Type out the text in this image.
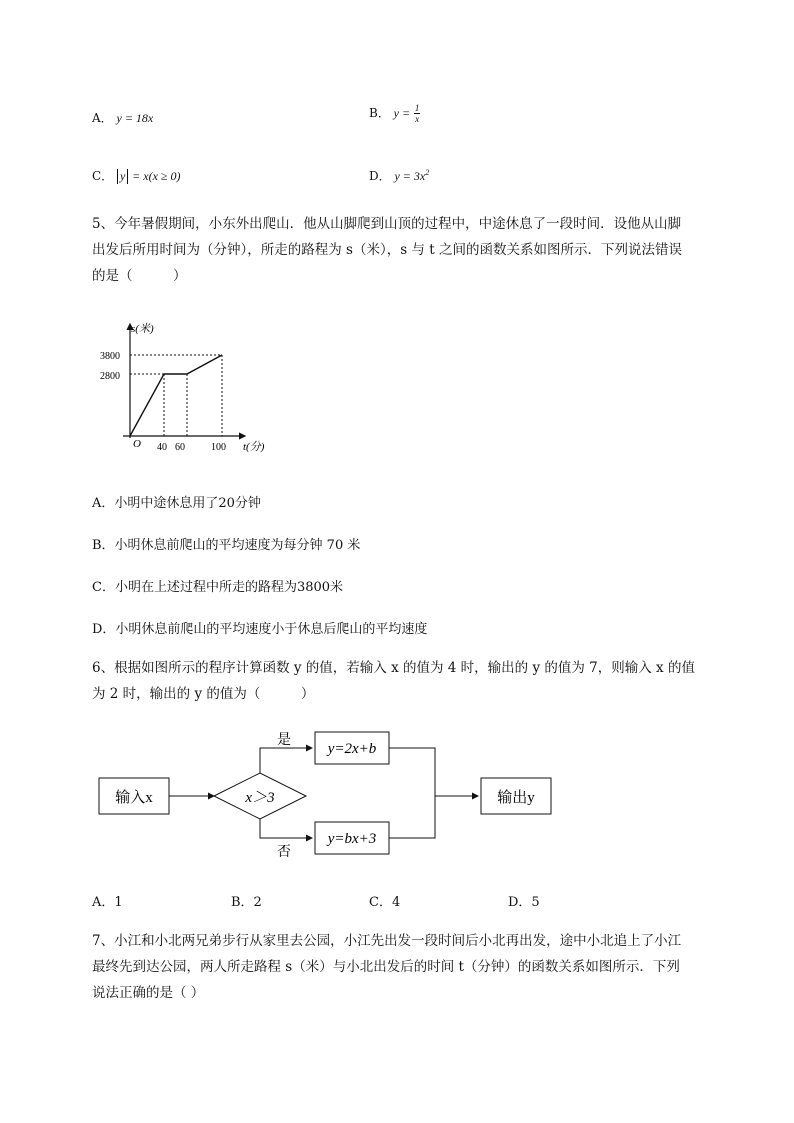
A． y = 18x	B． $y = \frac{1}{x}$
C． y = x(x ≥ 0)	D． $y = 3x^2$
5、今年暑假期间，小东外出爬山．他从山脚爬到山顶的过程中，中途休息了一段时间．设他从山脚
出发后所用时间为（分钟），所走的路程为 s（米），s 与 t 之间的函数关系如图所示．下列说法错误
的是（　　　）
s(米)
t(分)
O
3800
2800
40 60	100
A．小明中途休息用了20分钟
B．小明休息前爬山的平均速度为每分钟 70 米
C．小明在上述过程中所走的路程为3800米
D．小明休息前爬山的平均速度小于休息后爬山的平均速度
6、根据如图所示的程序计算函数 y 的值，若输入 x 的值为 4 时，输出的 y 的值为 7，则输入 x 的值
为 2 时，输出的 y 的值为（　　　）
输入x	x＞3
是
否
y=2x+b
y=bx+3
输出y
A．1	B．2	C．4	D．5
7、小江和小北两兄弟步行从家里去公园，小江先出发一段时间后小北再出发，途中小北追上了小江
最终先到达公园，两人所走路程 s（米）与小北出发后的时间 t（分钟）的函数关系如图所示．下列
说法正确的是（ ）
